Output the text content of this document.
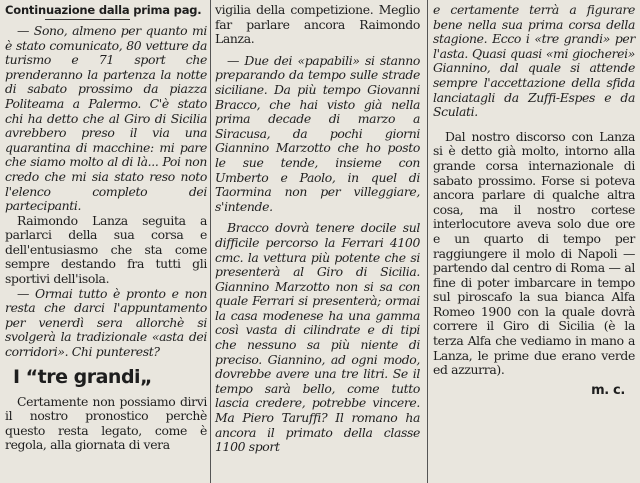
Continuazione dalla prima pag.

— Sono, almeno per quanto mi è stato comunicato, 80 vetture da turismo e 71 sport che prenderanno la partenza la notte di sabato prossimo da piazza Politeama a Palermo. C'è stato chi ha detto che al Giro di Sicilia avrebbero preso il via una quarantina di macchine: mi pare che siamo molto al di là... Poi non credo che mi sia stato reso noto l'elenco completo dei partecipanti.

Raimondo Lanza seguita a parlarci della sua corsa e dell'entusiasmo che sta come sempre destando fra tutti gli sportivi dell'isola.

— Ormai tutto è pronto e non resta che darci l'appuntamento per venerdì sera allorchè si svolgerà la tradizionale «asta dei corridori». Chi punterest?

I “tre grandi„

Certamente non possiamo dirvi il nostro pronostico perchè questo resta legato, come è regola, alla giornata di vera

vigilia della competizione. Meglio far parlare ancora Raimondo Lanza.

— Due dei «papabili» si stanno preparando da tempo sulle strade siciliane. Da più tempo Giovanni Bracco, che hai visto già nella prima decade di marzo a Siracusa, da pochi giorni Giannino Marzotto che ho posto le sue tende, insieme con Umberto e Paolo, in quel di Taormina non per villeggiare, s'intende.

Bracco dovrà tenere docile sul difficile percorso la Ferrari 4100 cmc. la vettura più potente che si presenterà al Giro di Sicilia. Giannino Marzotto non si sa con quale Ferrari si presenterà; ormai la casa modenese ha una gamma così vasta di cilindrate e di tipi che nessuno sa più niente di preciso. Giannino, ad ogni modo, dovrebbe avere una tre litri. Se il tempo sarà bello, come tutto lascia credere, potrebbe vincere. Ma Piero Taruffi? Il romano ha ancora il primato della classe 1100 sport

e certamente terrà a figurare bene nella sua prima corsa della stagione. Ecco i «tre grandi» per l'asta. Quasi quasi «mi giocherei» Giannino, dal quale si attende sempre l'accettazione della sfida lanciatagli da Zuffi-Espes e da Sculati.

Dal nostro discorso con Lanza si è detto già molto, intorno alla grande corsa internazionale di sabato prossimo. Forse si poteva ancora parlare di qualche altra cosa, ma il nostro cortese interlocutore aveva solo due ore e un quarto di tempo per raggiungere il molo di Napoli — partendo dal centro di Roma — al fine di poter imbarcare in tempo sul piroscafo la sua bianca Alfa Romeo 1900 con la quale dovrà correre il Giro di Sicilia (è la terza Alfa che vediamo in mano a Lanza, le prime due erano verde ed azzurra).

m. c.
